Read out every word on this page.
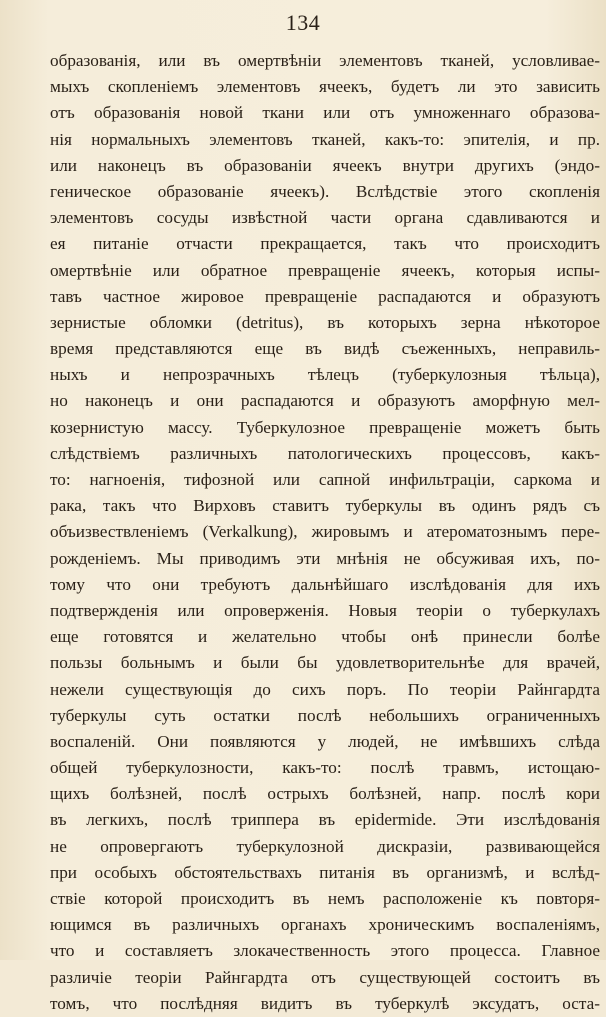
134
образованія, или въ омертвѣніи элементовъ тканей, условливае-
мыхъ скопленіемъ элементовъ ячеекъ, будетъ ли это зависить
отъ образованія новой ткани или отъ умноженнаго образова-
нія нормальныхъ элементовъ тканей, какъ-то: эпителія, и пр.
или наконецъ въ образованіи ячеекъ внутри другихъ (эндо-
геническое образованіе ячеекъ). Вслѣдствіе этого скопленія
элементовъ сосуды извѣстной части органа сдавливаются и
ея питаніе отчасти прекращается, такъ что происходитъ
омертвѣніе или обратное превращеніе ячеекъ, которыя испы-
тавъ частное жировое превращеніе распадаются и образуютъ
зернистые обломки (detritus), въ которыхъ зерна нѣкоторое
время представляются еще въ видѣ съеженныхъ, неправиль-
ныхъ и непрозрачныхъ тѣлецъ (туберкулозныя тѣльца),
но наконецъ и они распадаются и образуютъ аморфную мел-
козернистую массу. Туберкулозное превращеніе можетъ быть
слѣдствіемъ различныхъ патологическихъ процессовъ, какъ-
то: нагноенія, тифозной или сапной инфильтраціи, саркома и
рака, такъ что Вирховъ ставитъ туберкулы въ одинъ рядъ съ
объизвествленіемъ (Verkalkung), жировымъ и атероматознымъ пере-
рожденіемъ. Мы приводимъ эти мнѣнія не обсуживая ихъ, по-
тому что они требуютъ дальнѣйшаго изслѣдованія для ихъ
подтвержденія или опроверженія. Новыя теоріи о туберкулахъ
еще готовятся и желательно чтобы онѣ принесли болѣе
пользы больнымъ и были бы удовлетворительнѣе для врачей,
нежели существующія до сихъ поръ. По теоріи Райнгардта
туберкулы суть остатки послѣ небольшихъ ограниченныхъ
воспаленій. Они появляются у людей, не имѣвшихъ слѣда
общей туберкулозности, какъ-то: послѣ травмъ, истощаю-
щихъ болѣзней, послѣ острыхъ болѣзней, напр. послѣ кори
въ легкихъ, послѣ триппера въ epidermide. Эти изслѣдованія
не опровергаютъ туберкулозной дискразіи, развивающейся
при особыхъ обстоятельствахъ питанія въ организмѣ, и вслѣд-
ствіе которой происходитъ въ немъ расположеніе къ повторя-
ющимся въ различныхъ органахъ хроническимъ воспаленіямъ,
что и составляетъ злокачественность этого процесса. Главное
различіе теоріи Райнгардта отъ существующей состоитъ въ
томъ, что послѣдняя видитъ въ туберкулѣ эксудатъ, оста-
